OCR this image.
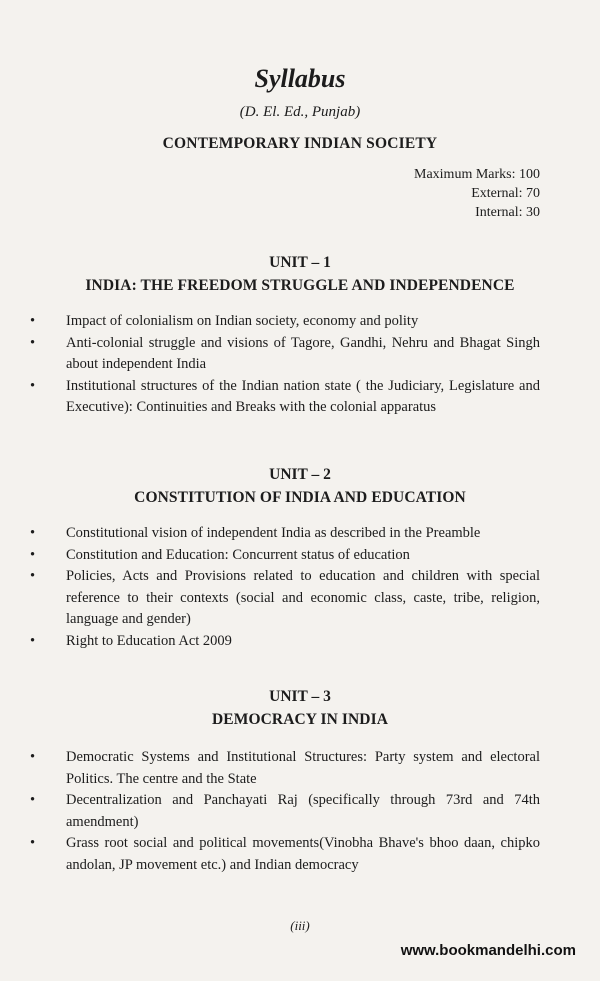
Syllabus
(D. El. Ed., Punjab)
CONTEMPORARY INDIAN SOCIETY
Maximum Marks: 100
External: 70
Internal: 30
UNIT – 1
INDIA: THE FREEDOM STRUGGLE AND INDEPENDENCE
•	Impact of colonialism on Indian society, economy and polity
•	Anti-colonial struggle and visions of Tagore, Gandhi, Nehru and Bhagat Singh about independent India
•	Institutional structures of the Indian nation state ( the Judiciary, Legislature and Executive): Continuities and Breaks with the colonial apparatus
UNIT – 2
CONSTITUTION OF INDIA AND EDUCATION
•	Constitutional vision of independent India as described in the Preamble
•	Constitution and Education: Concurrent status of education
•	Policies, Acts and Provisions related to education and children with special reference to their contexts (social and economic class, caste, tribe, religion, language and gender)
•	Right to Education Act 2009
UNIT – 3
DEMOCRACY IN INDIA
•	Democratic Systems and Institutional Structures: Party system and electoral Politics. The centre and the State
•	Decentralization and Panchayati Raj (specifically through 73rd and 74th amendment)
•	Grass root social and political movements(Vinobha Bhave's bhoo daan, chipko andolan, JP movement etc.) and Indian democracy
(iii)
www.bookmandelhi.com
